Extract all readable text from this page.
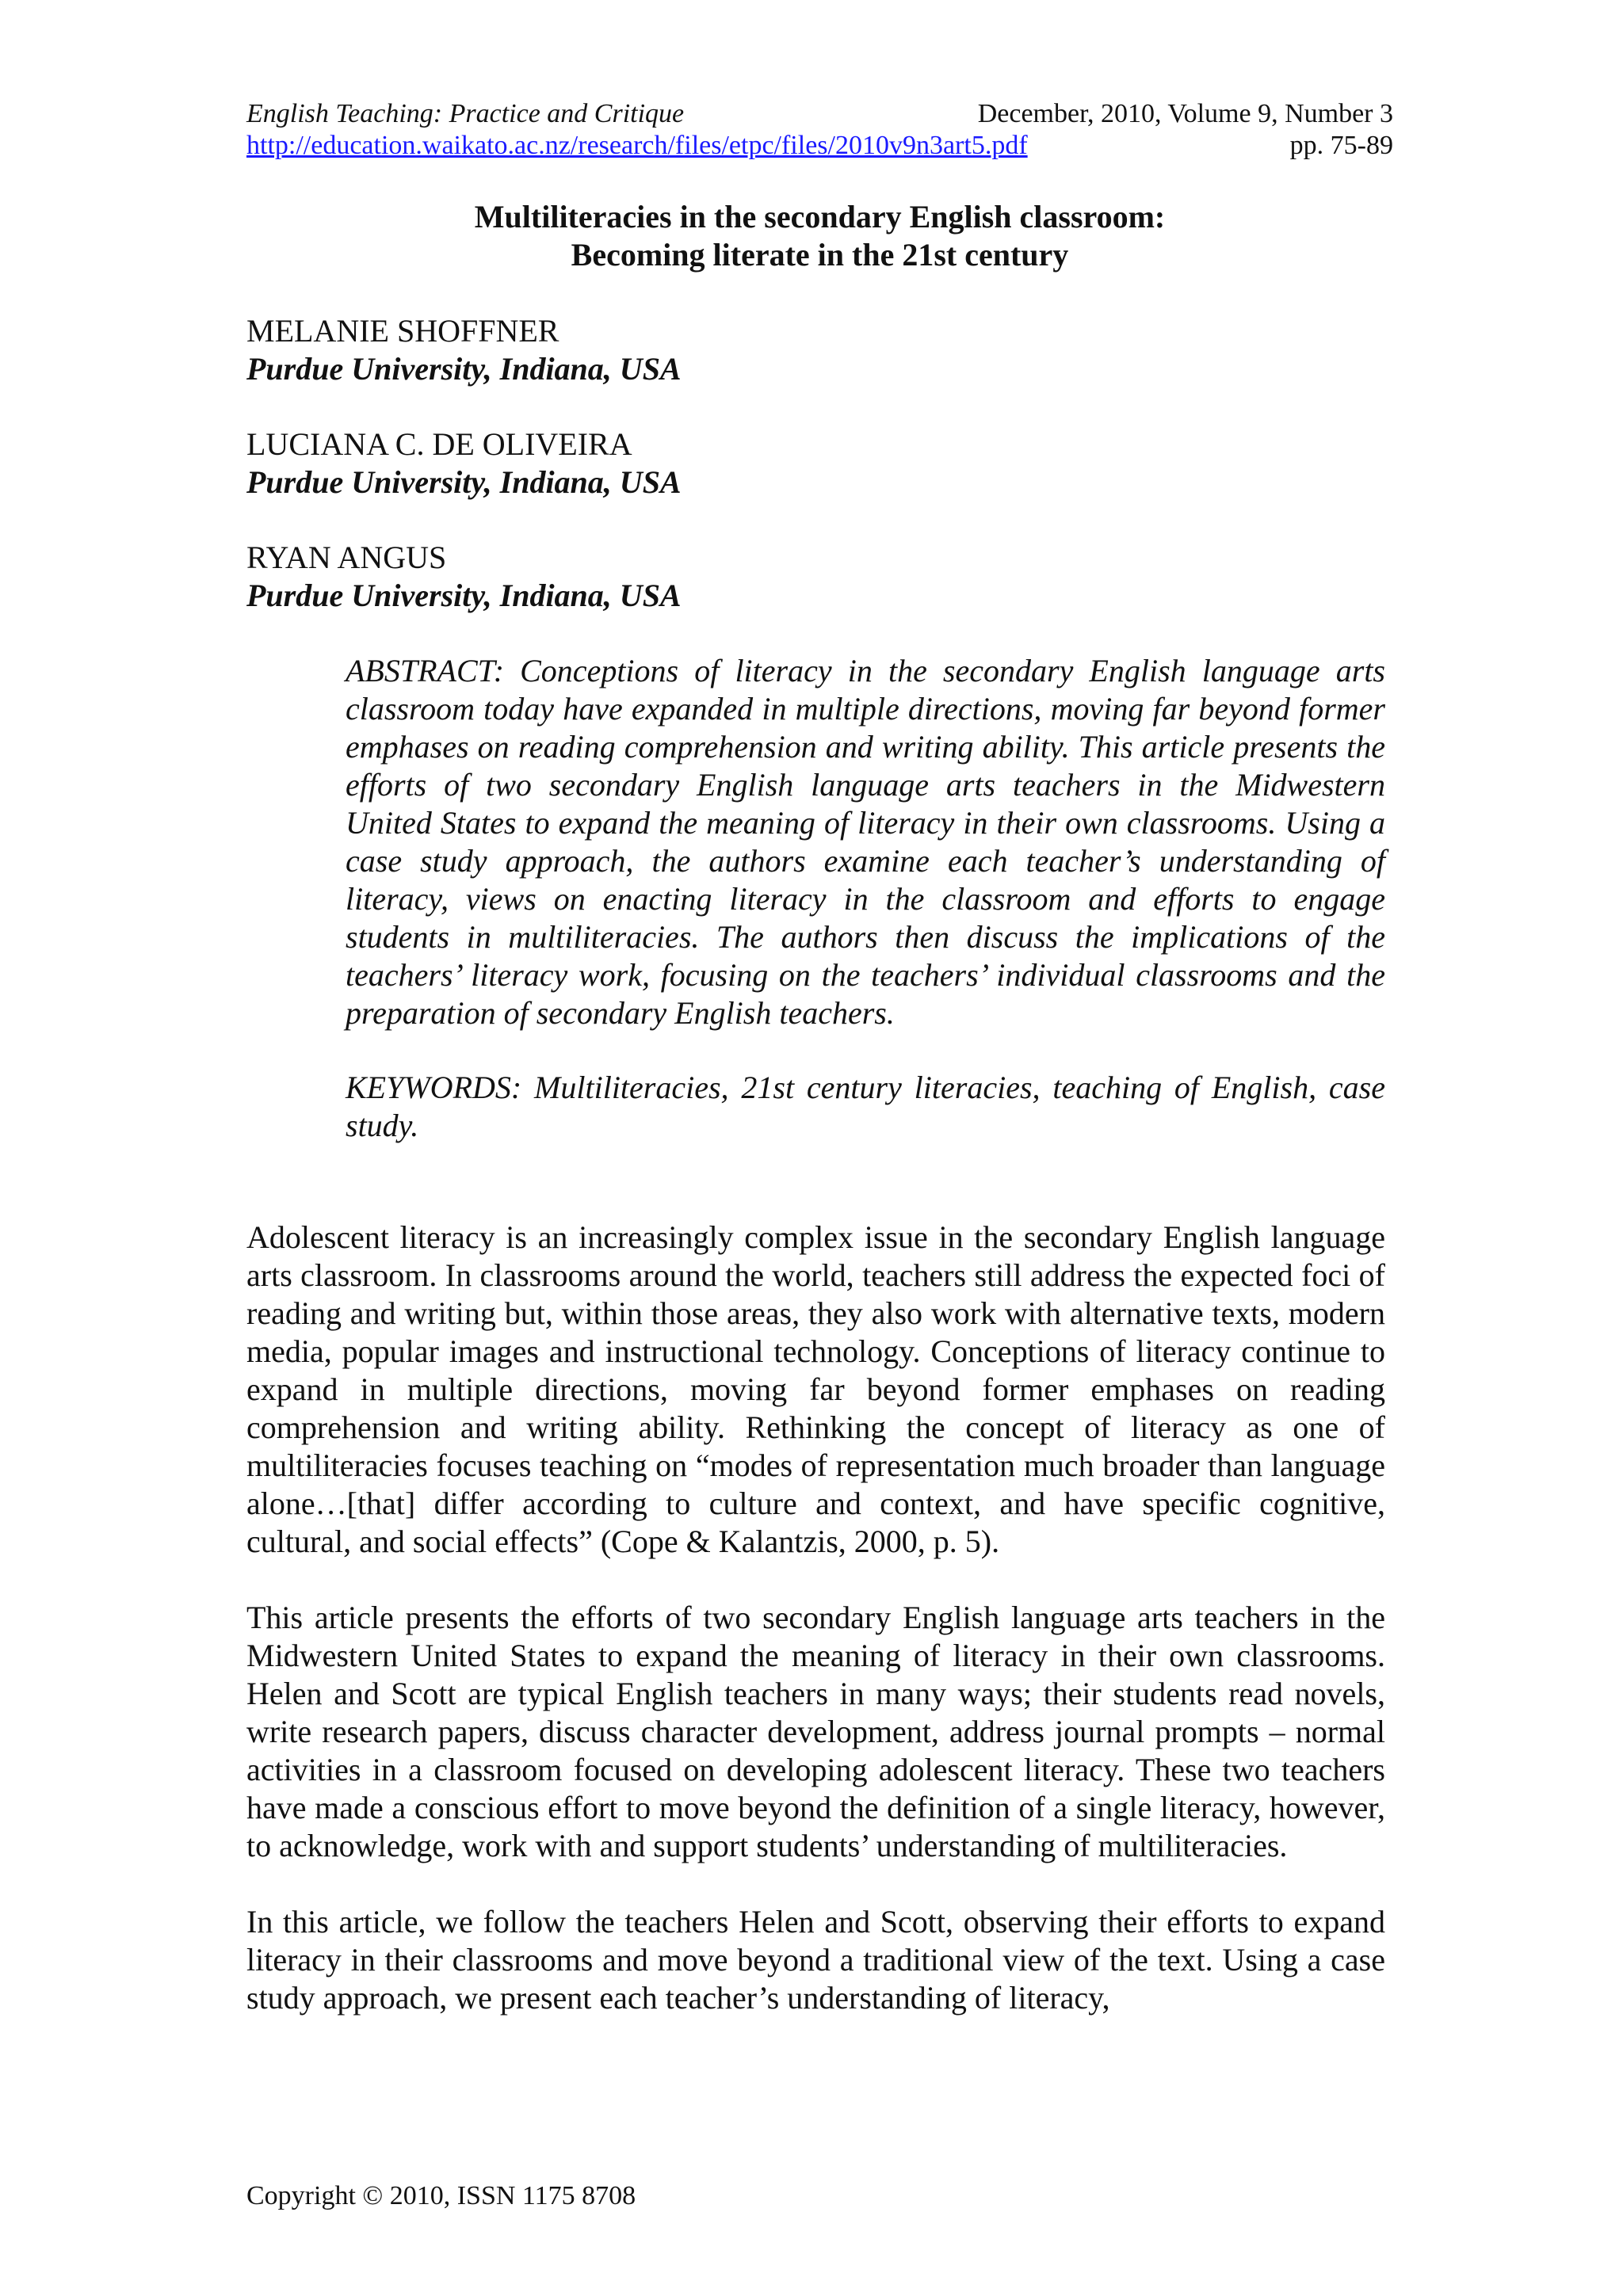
English Teaching: Practice and Critique
http://education.waikato.ac.nz/research/files/etpc/files/2010v9n3art5.pdf
December, 2010, Volume 9, Number 3
pp. 75-89
Multiliteracies in the secondary English classroom:
Becoming literate in the 21st century
MELANIE SHOFFNER
Purdue University, Indiana, USA
LUCIANA C. DE OLIVEIRA
Purdue University, Indiana, USA
RYAN ANGUS
Purdue University, Indiana, USA
ABSTRACT: Conceptions of literacy in the secondary English language arts classroom today have expanded in multiple directions, moving far beyond former emphases on reading comprehension and writing ability. This article presents the efforts of two secondary English language arts teachers in the Midwestern United States to expand the meaning of literacy in their own classrooms. Using a case study approach, the authors examine each teacher’s understanding of literacy, views on enacting literacy in the classroom and efforts to engage students in multiliteracies. The authors then discuss the implications of the teachers’ literacy work, focusing on the teachers’ individual classrooms and the preparation of secondary English teachers.
KEYWORDS: Multiliteracies, 21st century literacies, teaching of English, case study.

Adolescent literacy is an increasingly complex issue in the secondary English language arts classroom. In classrooms around the world, teachers still address the expected foci of reading and writing but, within those areas, they also work with alternative texts, modern media, popular images and instructional technology. Conceptions of literacy continue to expand in multiple directions, moving far beyond former emphases on reading comprehension and writing ability. Rethinking the concept of literacy as one of multiliteracies focuses teaching on “modes of representation much broader than language alone…[that] differ according to culture and context, and have specific cognitive, cultural, and social effects” (Cope & Kalantzis, 2000, p. 5).

This article presents the efforts of two secondary English language arts teachers in the Midwestern United States to expand the meaning of literacy in their own classrooms. Helen and Scott are typical English teachers in many ways; their students read novels, write research papers, discuss character development, address journal prompts – normal activities in a classroom focused on developing adolescent literacy. These two teachers have made a conscious effort to move beyond the definition of a single literacy, however, to acknowledge, work with and support students’ understanding of multiliteracies.

In this article, we follow the teachers Helen and Scott, observing their efforts to expand literacy in their classrooms and move beyond a traditional view of the text. Using a case study approach, we present each teacher’s understanding of literacy,

Copyright © 2010, ISSN 1175 8708
